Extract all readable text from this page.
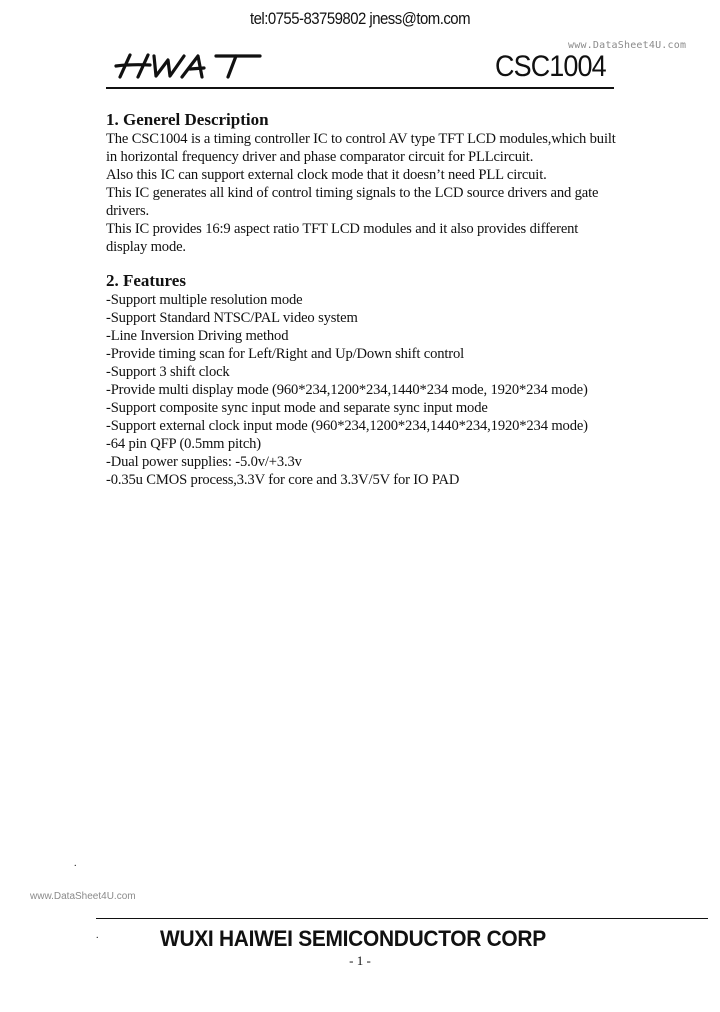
tel:0755-83759802 jness@tom.com
www.DataSheet4U.com
CSC1004
1. Generel Description
The CSC1004 is a timing controller IC to control AV type TFT LCD modules,which built
in horizontal frequency driver and phase comparator circuit for PLLcircuit.
Also this IC can support external clock mode that it doesn’t need PLL circuit.
This IC generates all kind of control timing signals to the LCD source drivers and gate
drivers.
This IC provides 16:9 aspect ratio TFT LCD modules and it also provides different
display mode.
2. Features
-Support multiple resolution mode
-Support Standard NTSC/PAL video system
-Line Inversion Driving method
-Provide timing scan for Left/Right and Up/Down shift control
-Support 3 shift clock
-Provide multi display mode (960*234,1200*234,1440*234 mode, 1920*234 mode)
-Support composite sync input mode and separate sync input mode
-Support external clock input mode (960*234,1200*234,1440*234,1920*234 mode)
-64 pin QFP (0.5mm pitch)
-Dual power supplies: -5.0v/+3.3v
-0.35u CMOS process,3.3V for core and 3.3V/5V for IO PAD
.
www.DataSheet4U.com
.	WUXI HAIWEI SEMICONDUCTOR CORP
- 1 -
